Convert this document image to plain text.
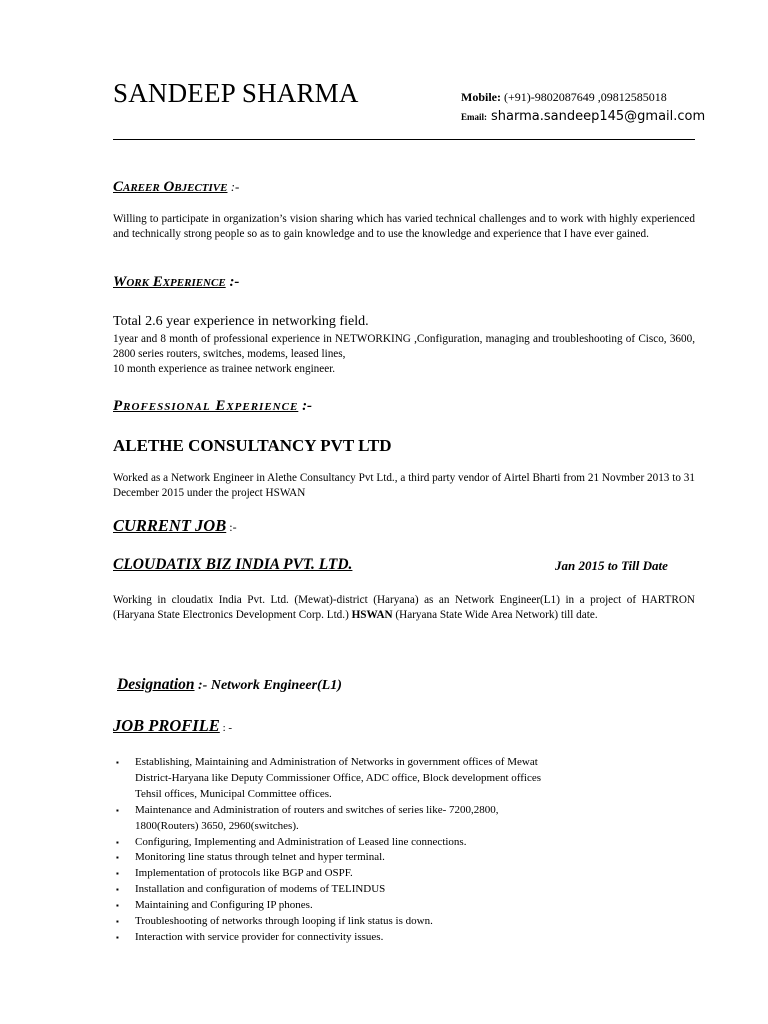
SANDEEP SHARMA	Mobile: (+91)-9802087649 ,09812585018
Email: sharma.sandeep145@gmail.com
Career Objective :-
Willing to participate in organization’s vision sharing which has varied technical challenges and to work with highly experienced and technically strong people so as to gain knowledge and to use the knowledge and experience that I have ever gained.
Work Experience :-
Total 2.6 year experience in networking field.
1year and 8 month of professional experience in NETWORKING ,Configuration, managing and troubleshooting of Cisco, 3600, 2800 series routers, switches, modems, leased lines,
10 month experience as trainee network engineer.
Professional Experience :-
ALETHE CONSULTANCY PVT LTD
Worked as a Network Engineer in Alethe Consultancy Pvt Ltd., a third party vendor of Airtel Bharti from 21 Novmber 2013 to 31 December 2015 under the project HSWAN
CURRENT JOB :-
CLOUDATIX BIZ INDIA PVT. LTD.	Jan 2015 to Till Date
Working in cloudatix India Pvt. Ltd. (Mewat)-district (Haryana) as an Network Engineer(L1) in a project of HARTRON (Haryana State Electronics Development Corp. Ltd.) HSWAN (Haryana State Wide Area Network) till date.
Designation :- Network Engineer(L1)
JOB PROFILE : -
▪ Establishing, Maintaining and Administration of Networks in government offices of Mewat
District-Haryana like Deputy Commissioner Office, ADC office, Block development offices
Tehsil offices, Municipal Committee offices.
▪ Maintenance and Administration of routers and switches of series like- 7200,2800,
1800(Routers) 3650, 2960(switches).
▪ Configuring, Implementing and Administration of Leased line connections.
▪ Monitoring line status through telnet and hyper terminal.
▪ Implementation of protocols like BGP and OSPF.
▪ Installation and configuration of modems of TELINDUS
▪ Maintaining and Configuring IP phones.
▪ Troubleshooting of networks through looping if link status is down.
▪ Interaction with service provider for connectivity issues.
